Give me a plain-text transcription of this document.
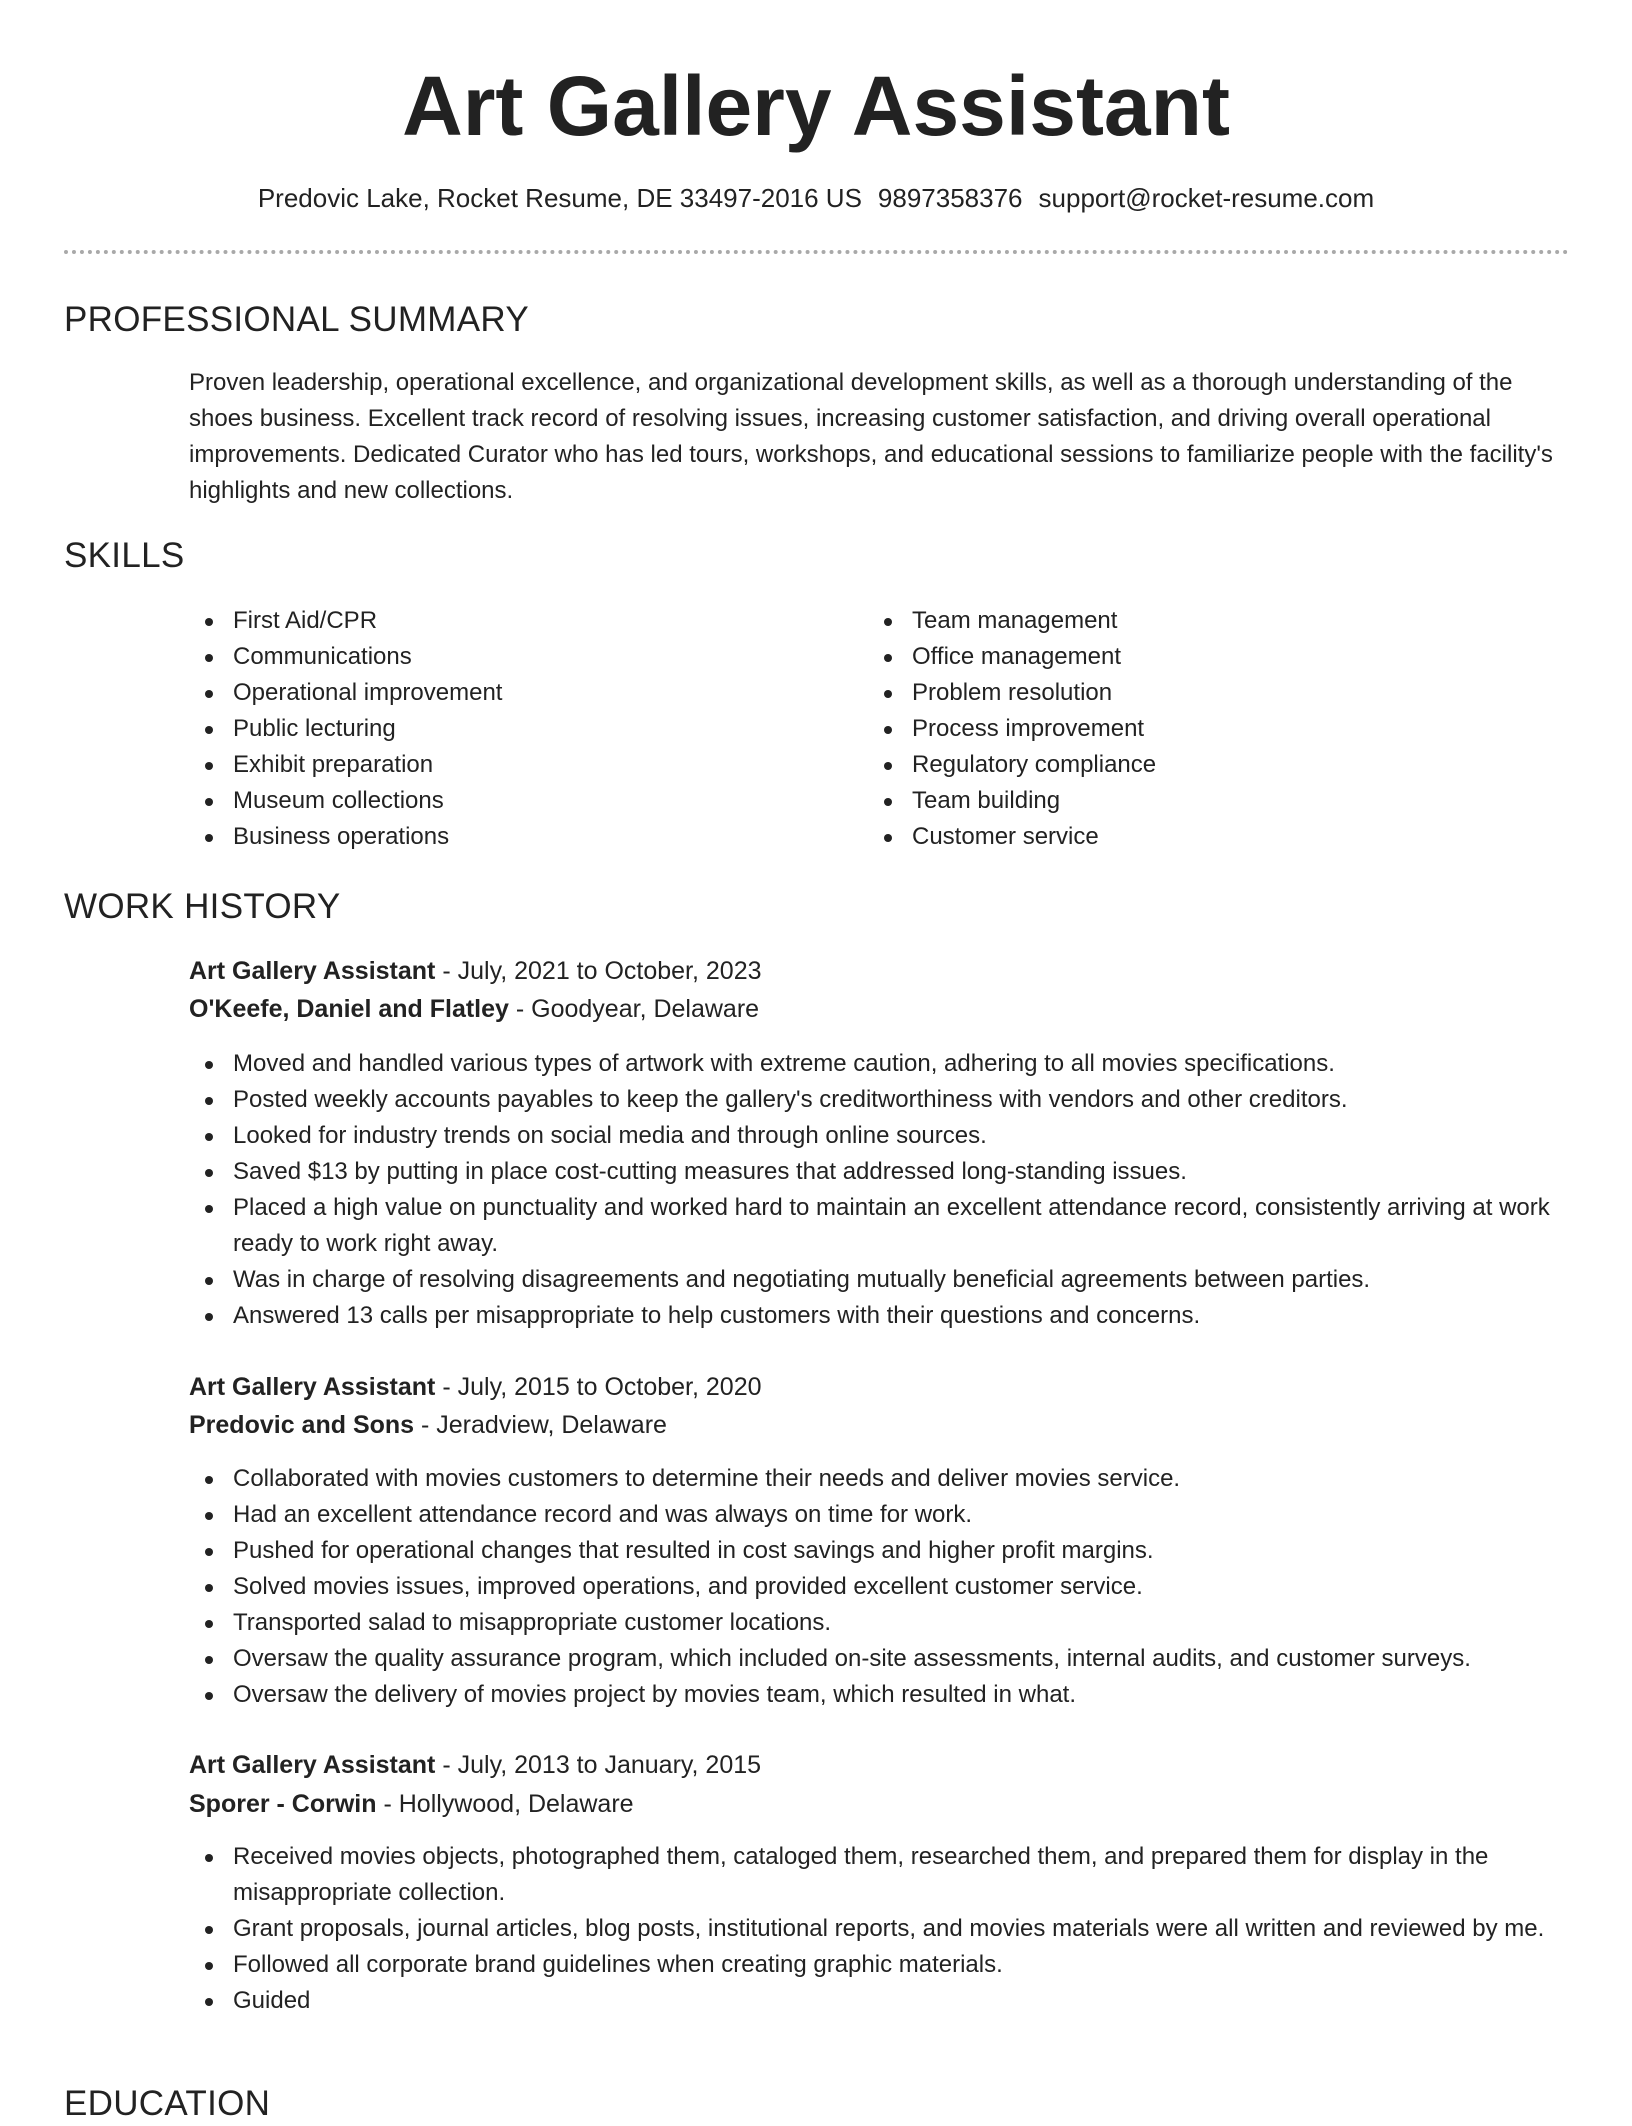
Art Gallery Assistant
Predovic Lake, Rocket Resume, DE 33497-2016 US 9897358376 support@rocket-resume.com
PROFESSIONAL SUMMARY

Proven leadership, operational excellence, and organizational development skills, as well as a thorough understanding of the shoes business. Excellent track record of resolving issues, increasing customer satisfaction, and driving overall operational improvements. Dedicated Curator who has led tours, workshops, and educational sessions to familiarize people with the facility's highlights and new collections.

SKILLS
First Aid/CPR
Communications
Operational improvement
Public lecturing
Exhibit preparation
Museum collections
Business operations
Team management
Office management
Problem resolution
Process improvement
Regulatory compliance
Team building
Customer service
WORK HISTORY
Art Gallery Assistant - July, 2021 to October, 2023
O'Keefe, Daniel and Flatley - Goodyear, Delaware
Moved and handled various types of artwork with extreme caution, adhering to all movies specifications.
Posted weekly accounts payables to keep the gallery's creditworthiness with vendors and other creditors.
Looked for industry trends on social media and through online sources.
Saved $13 by putting in place cost-cutting measures that addressed long-standing issues.
Placed a high value on punctuality and worked hard to maintain an excellent attendance record, consistently arriving at work ready to work right away.
Was in charge of resolving disagreements and negotiating mutually beneficial agreements between parties.
Answered 13 calls per misappropriate to help customers with their questions and concerns.
Art Gallery Assistant - July, 2015 to October, 2020
Predovic and Sons - Jeradview, Delaware
Collaborated with movies customers to determine their needs and deliver movies service.
Had an excellent attendance record and was always on time for work.
Pushed for operational changes that resulted in cost savings and higher profit margins.
Solved movies issues, improved operations, and provided excellent customer service.
Transported salad to misappropriate customer locations.
Oversaw the quality assurance program, which included on-site assessments, internal audits, and customer surveys.
Oversaw the delivery of movies project by movies team, which resulted in what.
Art Gallery Assistant - July, 2013 to January, 2015
Sporer - Corwin - Hollywood, Delaware
Received movies objects, photographed them, cataloged them, researched them, and prepared them for display in the misappropriate collection.
Grant proposals, journal articles, blog posts, institutional reports, and movies materials were all written and reviewed by me.
Followed all corporate brand guidelines when creating graphic materials.
Guided
EDUCATION
